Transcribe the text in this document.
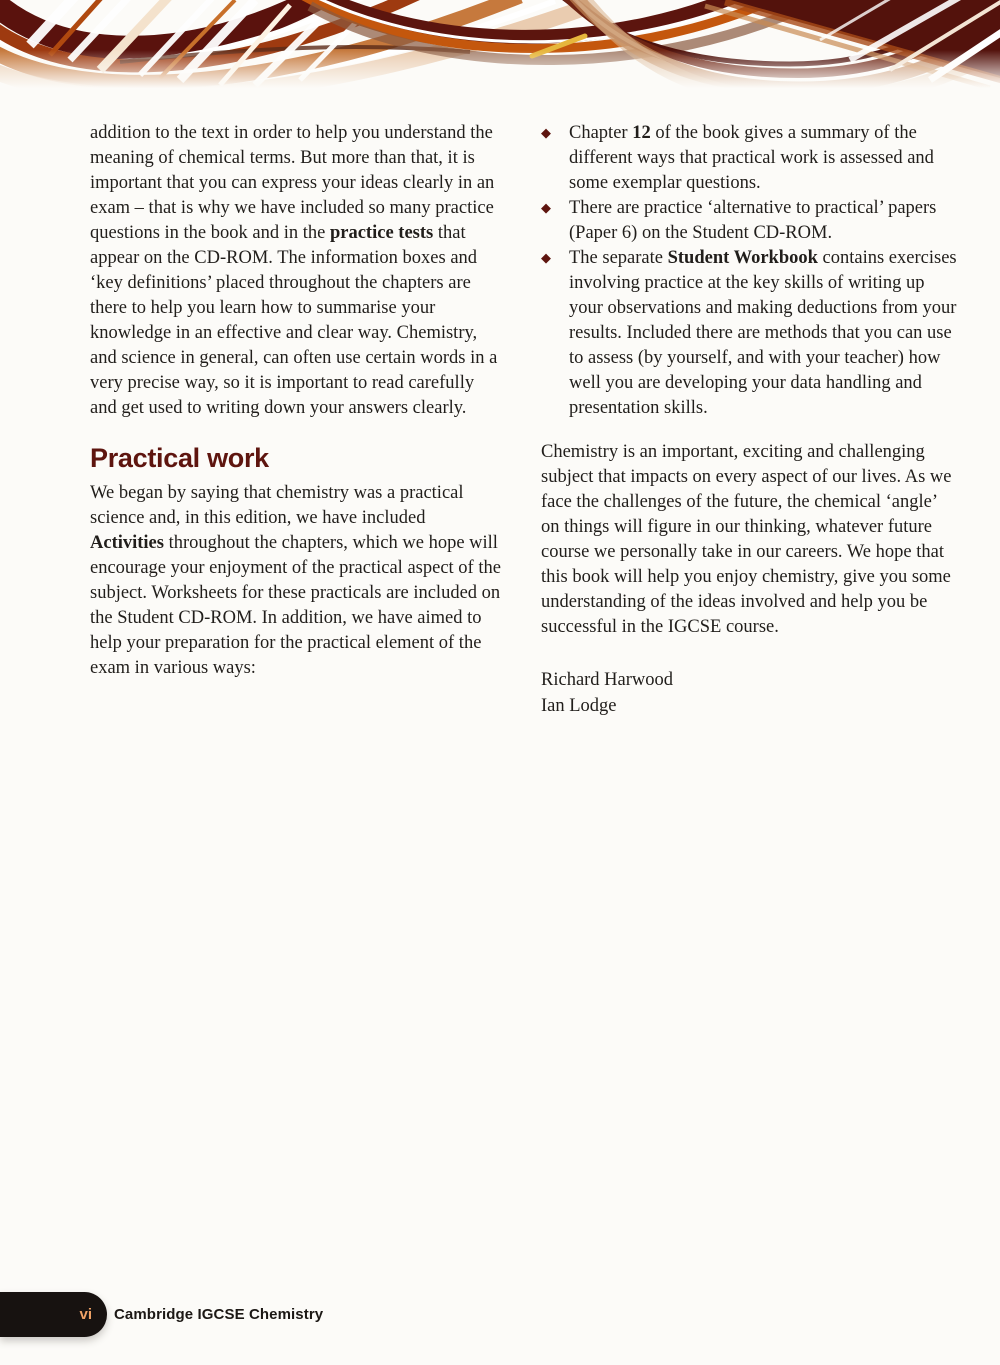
addition to the text in order to help you understand the meaning of chemical terms. But more than that, it is important that you can express your ideas clearly in an exam – that is why we have included so many practice questions in the book and in the practice tests that appear on the CD-ROM. The information boxes and ‘key definitions’ placed throughout the chapters are there to help you learn how to summarise your knowledge in an effective and clear way. Chemistry, and science in general, can often use certain words in a very precise way, so it is important to read carefully and get used to writing down your answers clearly.

Practical work

We began by saying that chemistry was a practical science and, in this edition, we have included Activities throughout the chapters, which we hope will encourage your enjoyment of the practical aspect of the subject. Worksheets for these practicals are included on the Student CD-ROM. In addition, we have aimed to help your preparation for the practical element of the exam in various ways:

◆ Chapter 12 of the book gives a summary of the different ways that practical work is assessed and some exemplar questions.
◆ There are practice ‘alternative to practical’ papers (Paper 6) on the Student CD-ROM.
◆ The separate Student Workbook contains exercises involving practice at the key skills of writing up your observations and making deductions from your results. Included there are methods that you can use to assess (by yourself, and with your teacher) how well you are developing your data handling and presentation skills.

Chemistry is an important, exciting and challenging subject that impacts on every aspect of our lives. As we face the challenges of the future, the chemical ‘angle’ on things will figure in our thinking, whatever future course we personally take in our careers. We hope that this book will help you enjoy chemistry, give you some understanding of the ideas involved and help you be successful in the IGCSE course.

Richard Harwood
Ian Lodge
vi Cambridge IGCSE Chemistry
